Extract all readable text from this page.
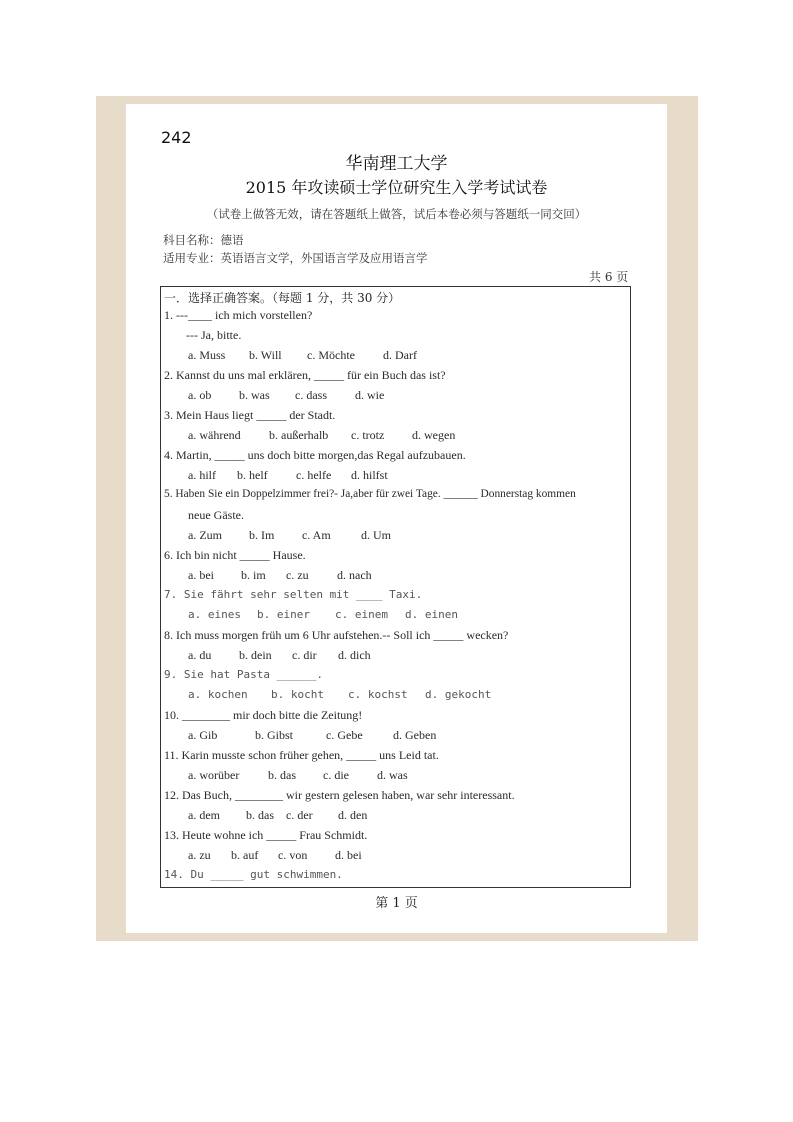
242
华南理工大学
2015 年攻读硕士学位研究生入学考试试卷
（试卷上做答无效，请在答题纸上做答，试后本卷必须与答题纸一同交回）
科目名称：德语
适用专业：英语语言文学，外国语言学及应用语言学
共 6 页
一．选择正确答案。（每题 1 分，共 30 分）
1. ---____ ich mich vorstellen?
--- Ja, bitte.
a. Muss b. Will c. Möchte d. Darf
2. Kannst du uns mal erklären, _____ für ein Buch das ist?
a. ob b. was c. dass d. wie
3. Mein Haus liegt _____ der Stadt.
a. während b. außerhalb c. trotz d. wegen
4. Martin, _____ uns doch bitte morgen,das Regal aufzubauen.
a. hilf b. helf c. helfe d. hilfst
5. Haben Sie ein Doppelzimmer frei?- Ja,aber für zwei Tage. ______ Donnerstag kommen
neue Gäste.
a. Zum b. Im c. Am	d. Um
6. Ich bin nicht _____ Hause.
a. bei b. im c. zu d. nach
7. Sie fährt sehr selten mit ____ Taxi.
a. eines b. einer c. einem d. einen
8. Ich muss morgen früh um 6 Uhr aufstehen.-- Soll ich _____ wecken?
a. du b. dein c. dir d. dich
9. Sie hat Pasta ______.
a. kochen b. kocht c. kochst d. gekocht
10. ________ mir doch bitte die Zeitung!
a. Gib	b. Gibst	c. Gebe	d. Geben
11. Karin musste schon früher gehen, _____ uns Leid tat.
a. worüber b. das c. die d. was
12. Das Buch, ________ wir gestern gelesen haben, war sehr interessant.
a. dem b. das c. der d. den
13. Heute wohne ich _____ Frau Schmidt.
a. zu b. auf c. von d. bei
14. Du _____ gut schwimmen.
第 1 页
